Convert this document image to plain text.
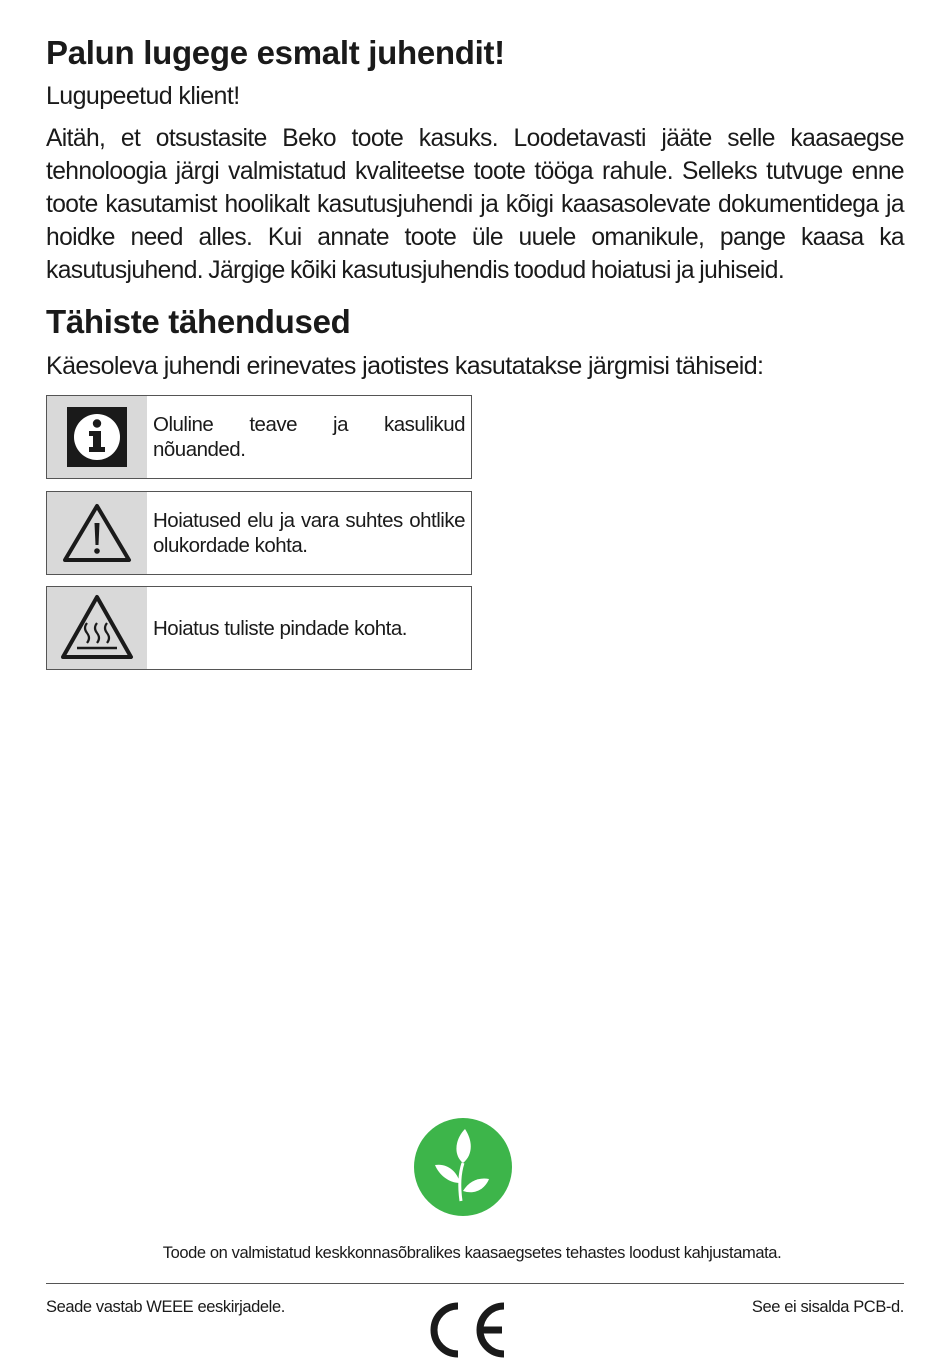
Palun lugege esmalt juhendit!

Lugupeetud klient!

Aitäh, et otsustasite Beko toote kasuks. Loodetavasti jääte selle kaasaegse tehnoloogia järgi valmistatud kvaliteetse toote tööga rahule. Selleks tutvuge enne toote kasutamist hoolikalt kasutusjuhendi ja kõigi kaasasolevate dokumentidega ja hoidke need alles. Kui annate toote üle uuele omanikule, pange kaasa ka kasutusjuhend. Järgige kõiki kasutusjuhendis toodud hoiatusi ja juhiseid.

Tähiste tähendused

Käesoleva juhendi erinevates jaotistes kasutatakse järgmisi tähiseid:

Oluline teave ja kasulikud nõuanded.
Hoiatused elu ja vara suhtes ohtlike olukordade kohta.
Hoiatus tuliste pindade kohta.

Toode on valmistatud keskkonnasõbralikes kaasaegsetes tehastes loodust kahjustamata.

Seade vastab WEEE eeskirjadele.	See ei sisalda PCB-d.
